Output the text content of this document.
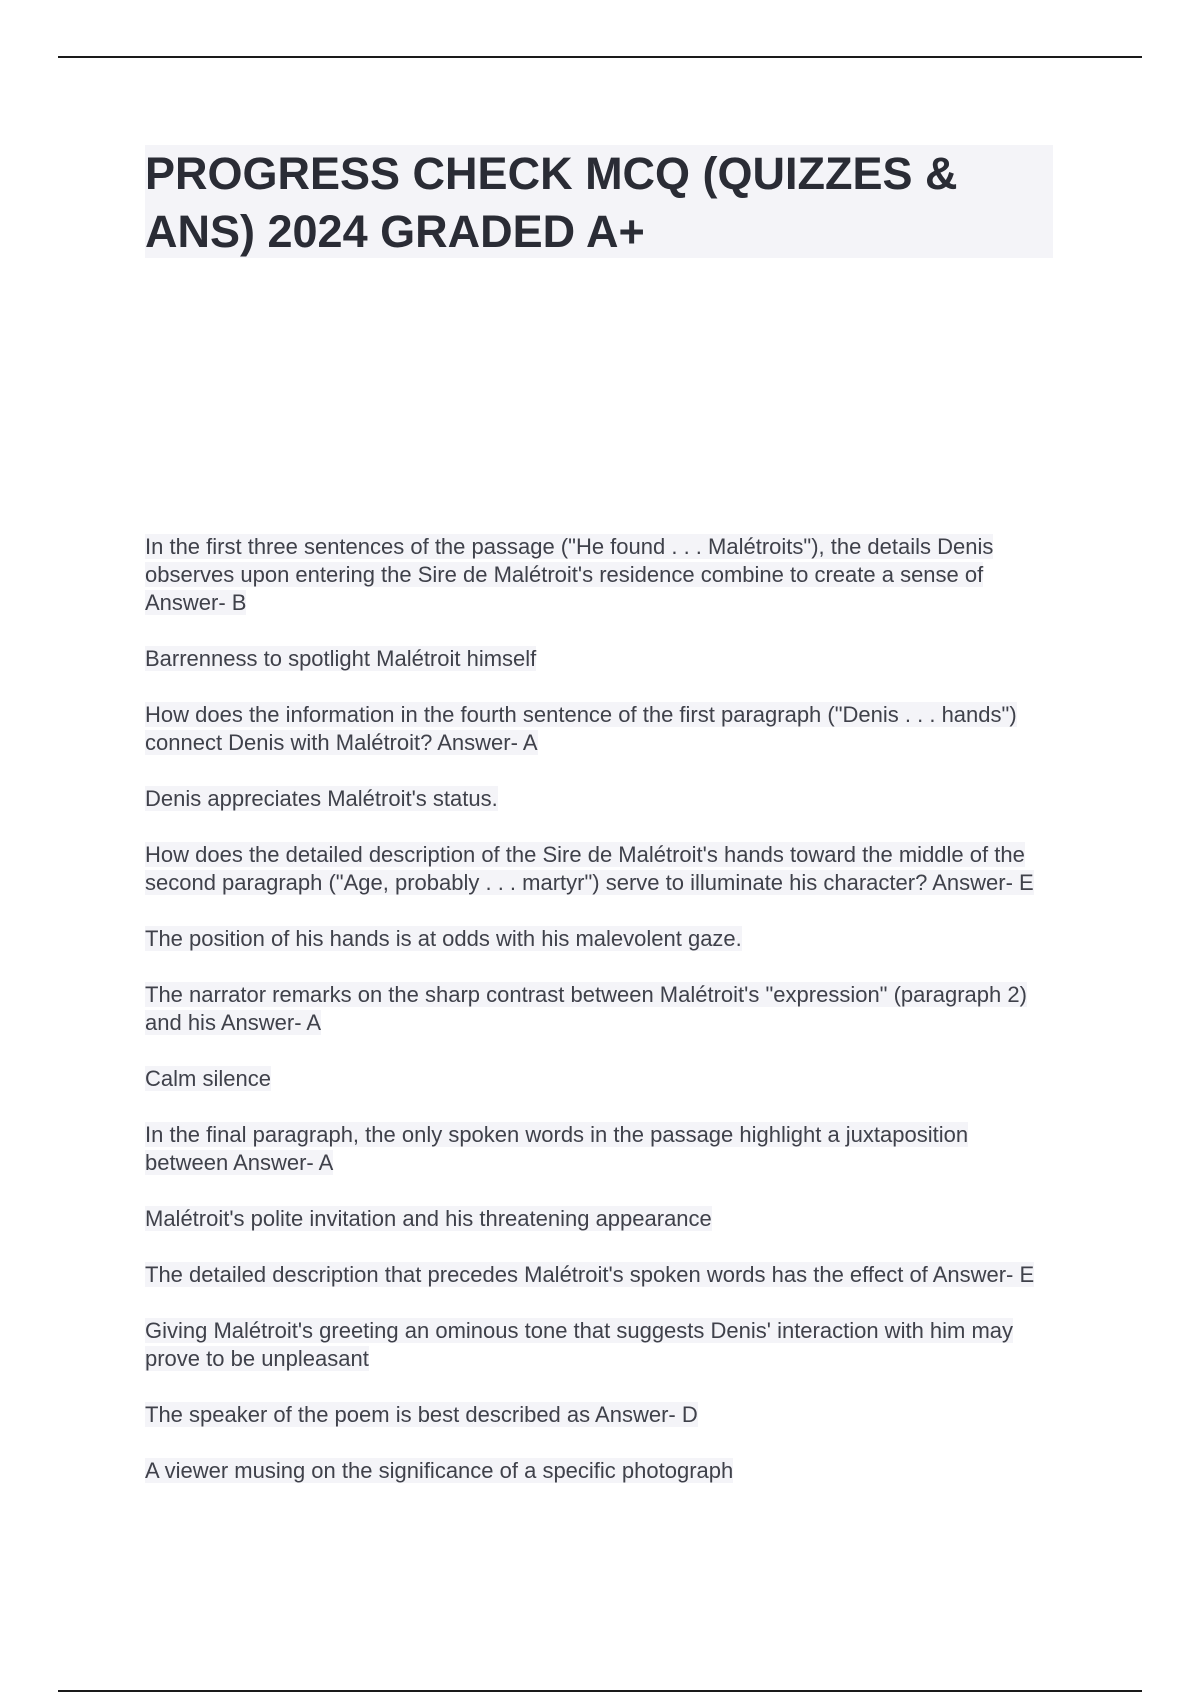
PROGRESS CHECK MCQ (QUIZZES & ANS) 2024 GRADED A+

In the first three sentences of the passage ("He found . . . Malétroits"), the details Denis observes upon entering the Sire de Malétroit's residence combine to create a sense of Answer- B

Barrenness to spotlight Malétroit himself

How does the information in the fourth sentence of the first paragraph ("Denis . . . hands") connect Denis with Malétroit? Answer- A

Denis appreciates Malétroit's status.

How does the detailed description of the Sire de Malétroit's hands toward the middle of the second paragraph ("Age, probably . . . martyr") serve to illuminate his character? Answer- E

The position of his hands is at odds with his malevolent gaze.

The narrator remarks on the sharp contrast between Malétroit's "expression" (paragraph 2) and his Answer- A

Calm silence

In the final paragraph, the only spoken words in the passage highlight a juxtaposition between Answer- A

Malétroit's polite invitation and his threatening appearance

The detailed description that precedes Malétroit's spoken words has the effect of Answer- E

Giving Malétroit's greeting an ominous tone that suggests Denis' interaction with him may prove to be unpleasant

The speaker of the poem is best described as Answer- D

A viewer musing on the significance of a specific photograph
